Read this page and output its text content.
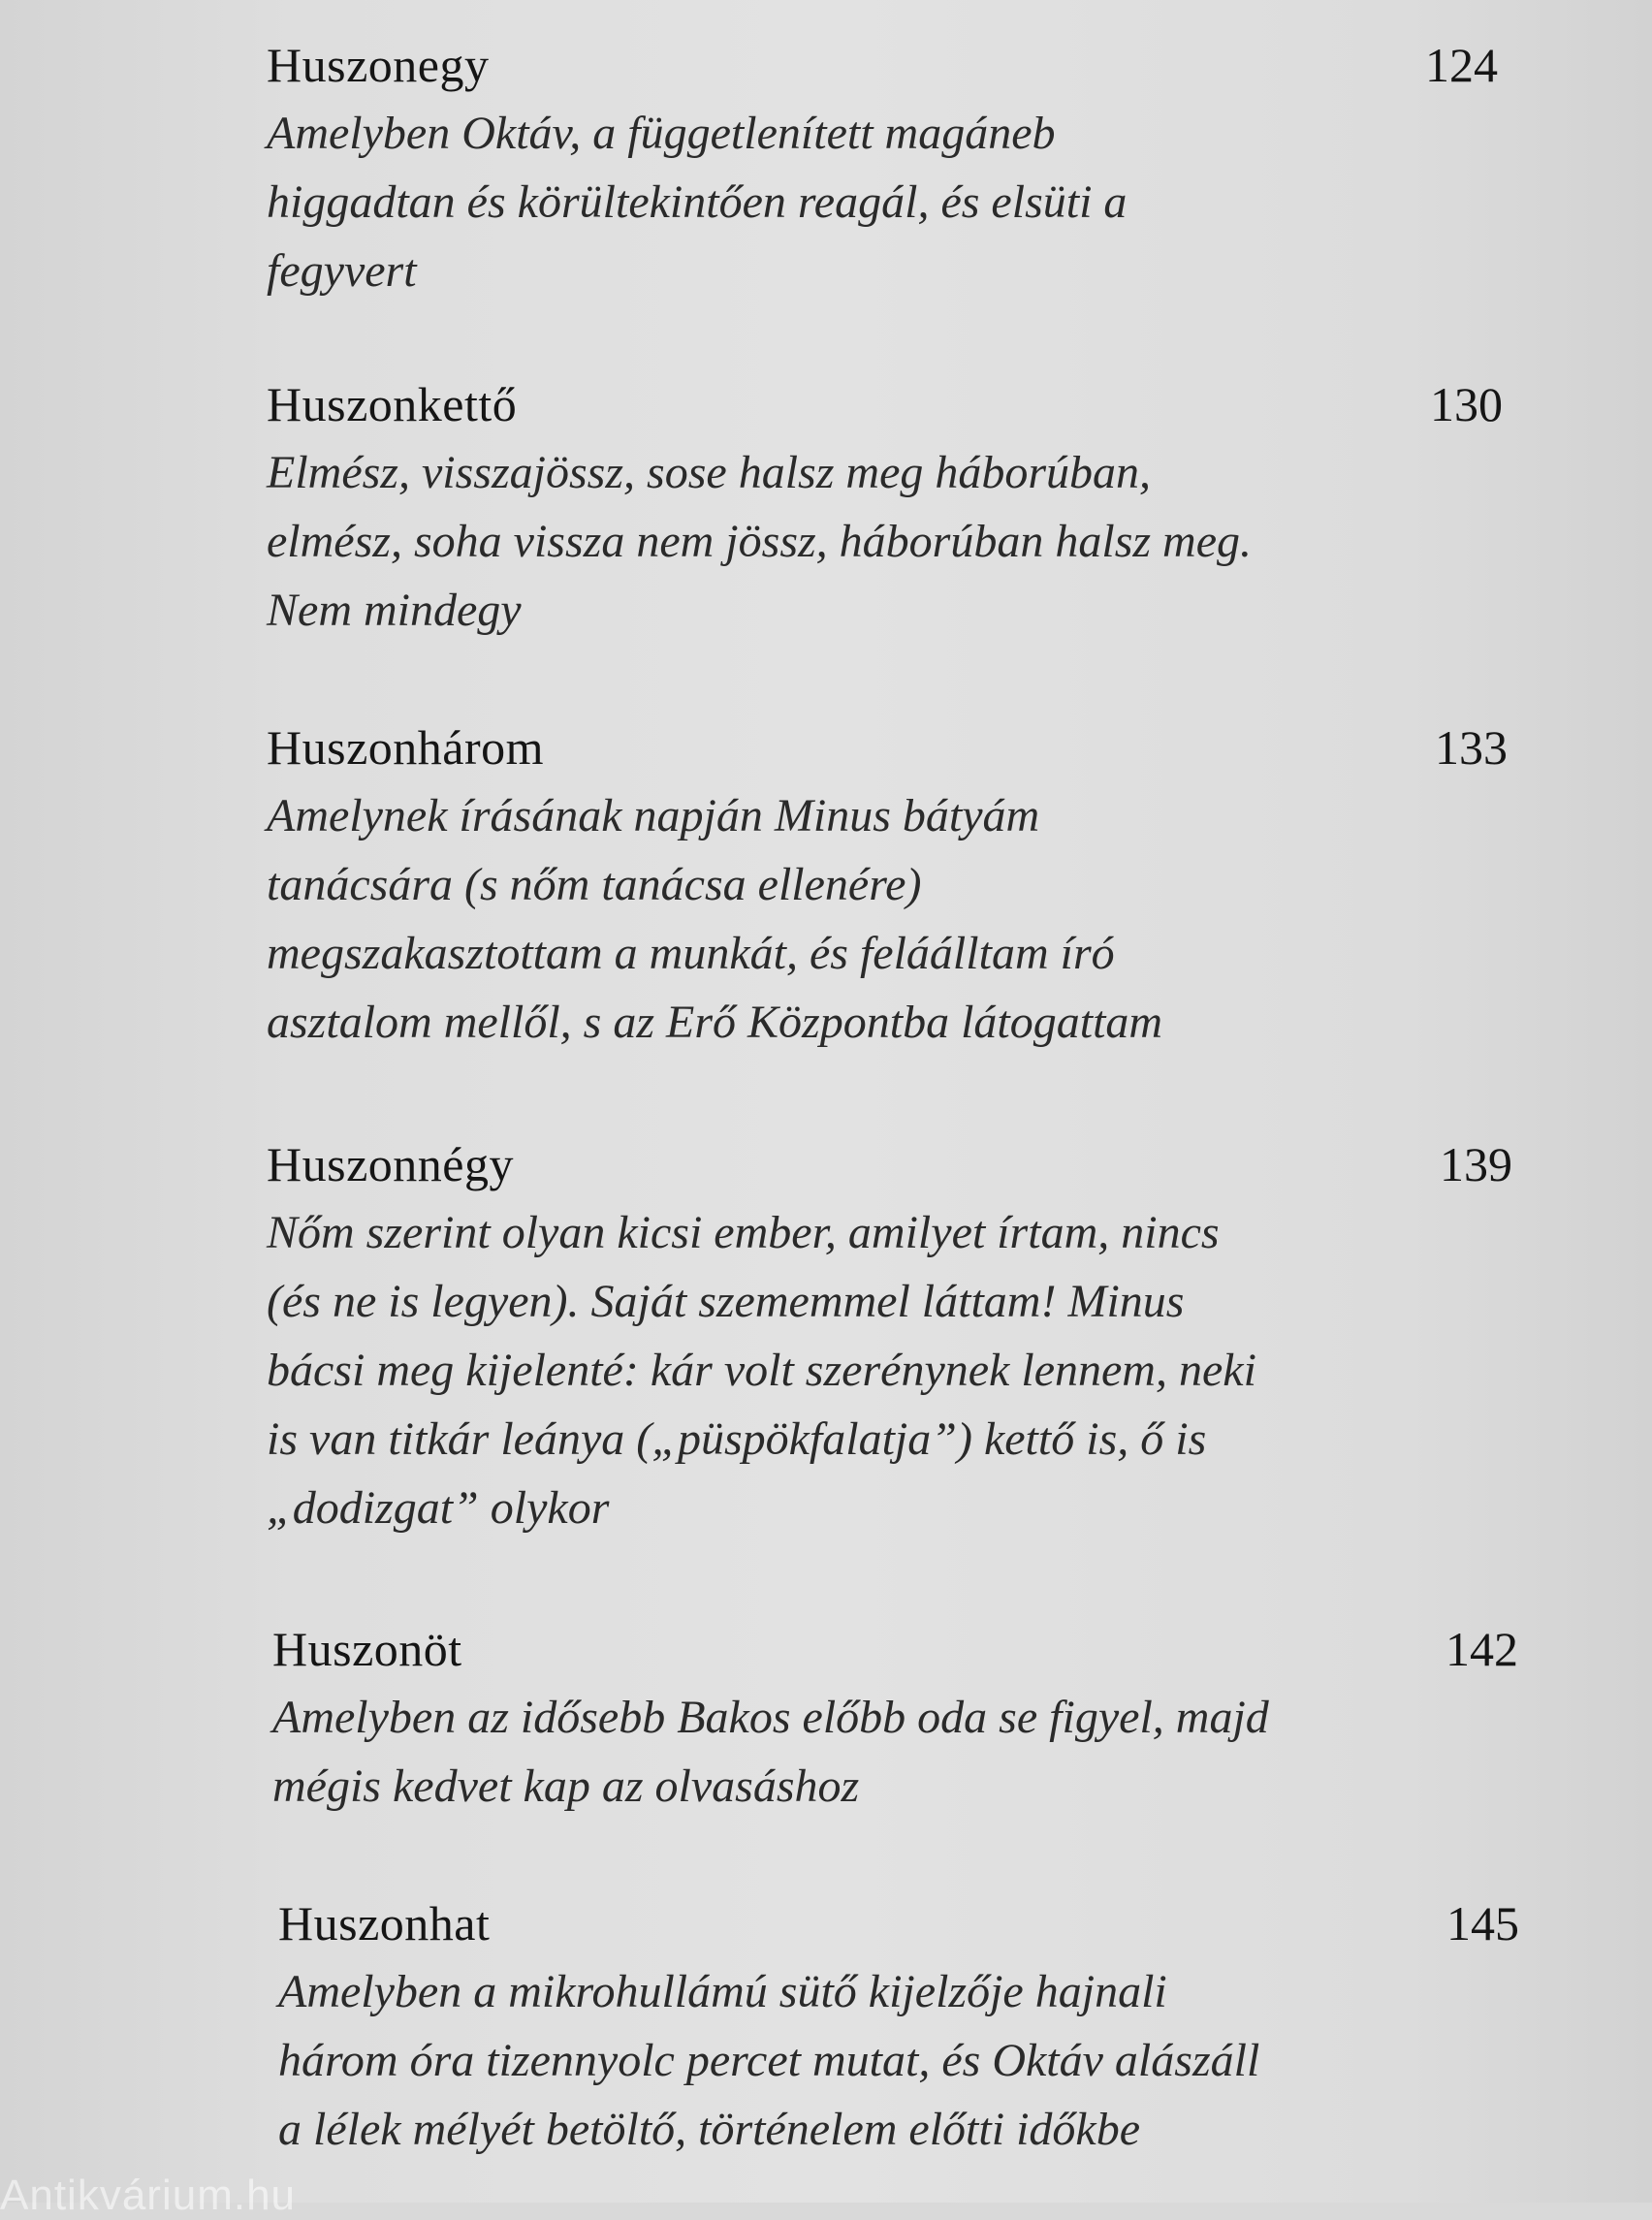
Huszonegy	124
Amelyben Oktáv, a függetlenített magáneb
higgadtan és körültekintően reagál, és elsüti a
fegyvert
Huszonkettő	130
Elmész, visszajössz, sose halsz meg háborúban,
elmész, soha vissza nem jössz, háborúban halsz meg.
Nem mindegy
Huszonhárom	133
Amelynek írásának napján Minus bátyám
tanácsára (s nőm tanácsa ellenére)
megszakasztottam a munkát, és feláálltam író
asztalom mellől, s az Erő Központba látogattam
Huszonnégy	139
Nőm szerint olyan kicsi ember, amilyet írtam, nincs
(és ne is legyen). Saját szememmel láttam! Minus
bácsi meg kijelenté: kár volt szerénynek lennem, neki
is van titkár leánya („püspökfalatja”) kettő is, ő is
„dodizgat” olykor
Huszonöt	142
Amelyben az idősebb Bakos előbb oda se figyel, majd
mégis kedvet kap az olvasáshoz
Huszonhat	145
Amelyben a mikrohullámú sütő kijelzője hajnali
három óra tizennyolc percet mutat, és Oktáv alászáll
a lélek mélyét betöltő, történelem előtti időkbe
Antikvárium.hu
